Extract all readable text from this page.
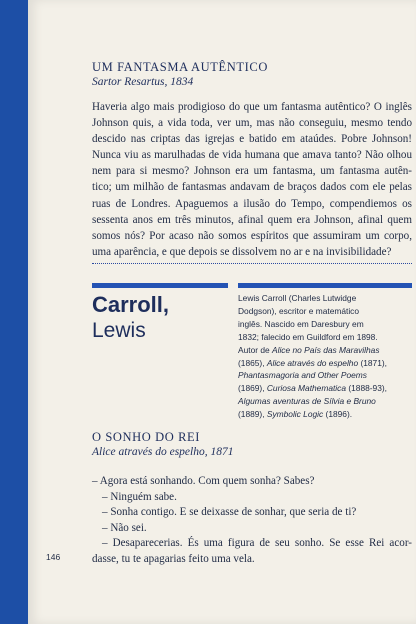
UM FANTASMA AUTÊNTICO

Sartor Resartus, 1834

Haveria algo mais prodigioso do que um fantasma autêntico? O inglês

Johnson quis, a vida toda, ver um, mas não conseguiu, mesmo tendo

descido nas criptas das igrejas e batido em ataúdes. Pobre Johnson!

Nunca viu as marulhadas de vida humana que amava tanto? Não olhou

nem para si mesmo? Johnson era um fantasma, um fantasma autên-

tico; um milhão de fantasmas andavam de braços dados com ele pelas

ruas de Londres. Apaguemos a ilusão do Tempo, compendiemos os

sessenta anos em três minutos, afinal quem era Johnson, afinal quem

somos nós? Por acaso não somos espíritos que assumiram um corpo,

uma aparência, e que depois se dissolvem no ar e na invisibilidade?

Carroll,
Lewis
Lewis Carroll (Charles Lutwidge
Dodgson), escritor e matemático
inglês. Nascido em Daresbury em
1832; falecido em Guildford em 1898.
Autor de Alice no País das Maravilhas
(1865), Alice através do espelho (1871),
Phantasmagoria and Other Poems
(1869), Curiosa Mathematica (1888-93),
Algumas aventuras de Sílvia e Bruno
(1889), Symbolic Logic (1896).

O SONHO DO REI

Alice através do espelho, 1871

– Agora está sonhando. Com quem sonha? Sabes?

– Ninguém sabe.

– Sonha contigo. E se deixasse de sonhar, que seria de ti?

– Não sei.

– Desaparecerias. És uma figura de seu sonho. Se esse Rei acor-

dasse, tu te apagarias feito uma vela.

146
